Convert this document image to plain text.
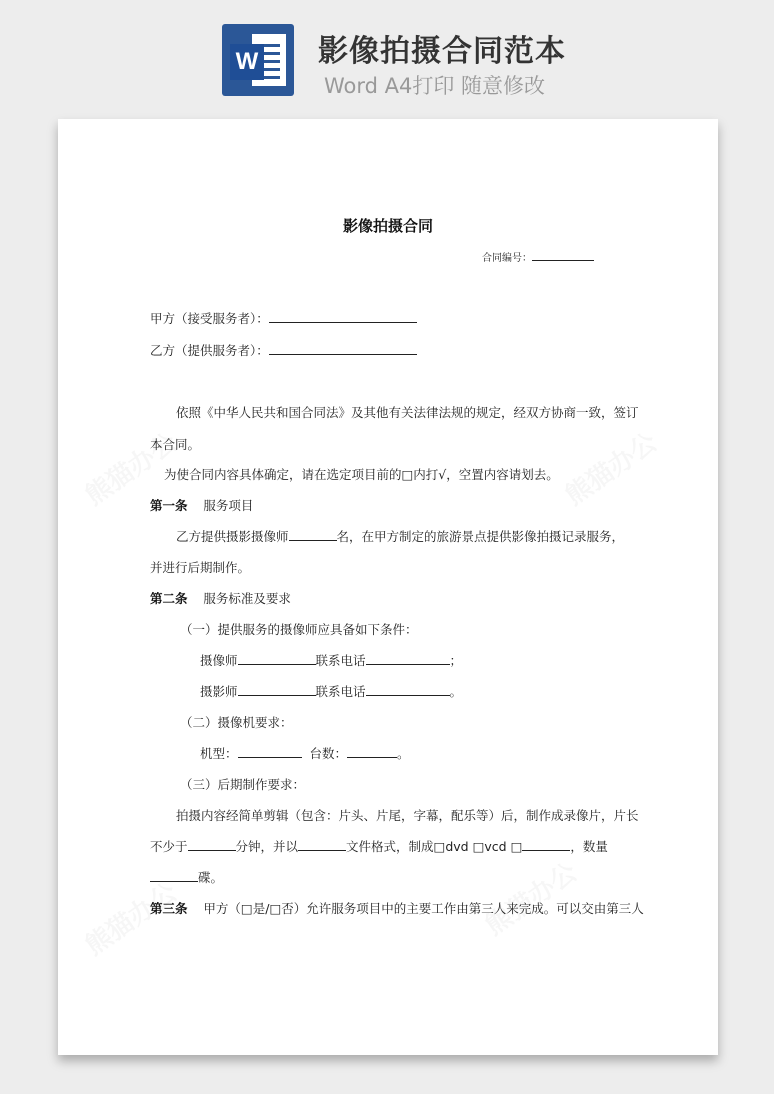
W 影像拍摄合同范本
Word A4打印 随意修改
影像拍摄合同
合同编号：
甲方（接受服务者）：
乙方（提供服务者）：
依照《中华人民共和国合同法》及其他有关法律法规的规定，经双方协商一致，签订
本合同。
为使合同内容具体确定，请在选定项目前的□内打√，空置内容请划去。
第一条 服务项目
乙方提供摄影摄像师	名，在甲方制定的旅游景点提供影像拍摄记录服务，
并进行后期制作。
第二条 服务标准及要求
（一）提供服务的摄像师应具备如下条件：
摄像师	联系电话	；
摄影师	联系电话	。
（二）摄像机要求：
机型：	台数：	。
（三）后期制作要求：
拍摄内容经简单剪辑（包含：片头、片尾，字幕，配乐等）后，制作成录像片，片长
不少于	分钟，并以	文件格式，制成□dvd □vcd □	，数量
碟。
第三条 甲方（□是/□否）允许服务项目中的主要工作由第三人来完成。可以交由第三人
